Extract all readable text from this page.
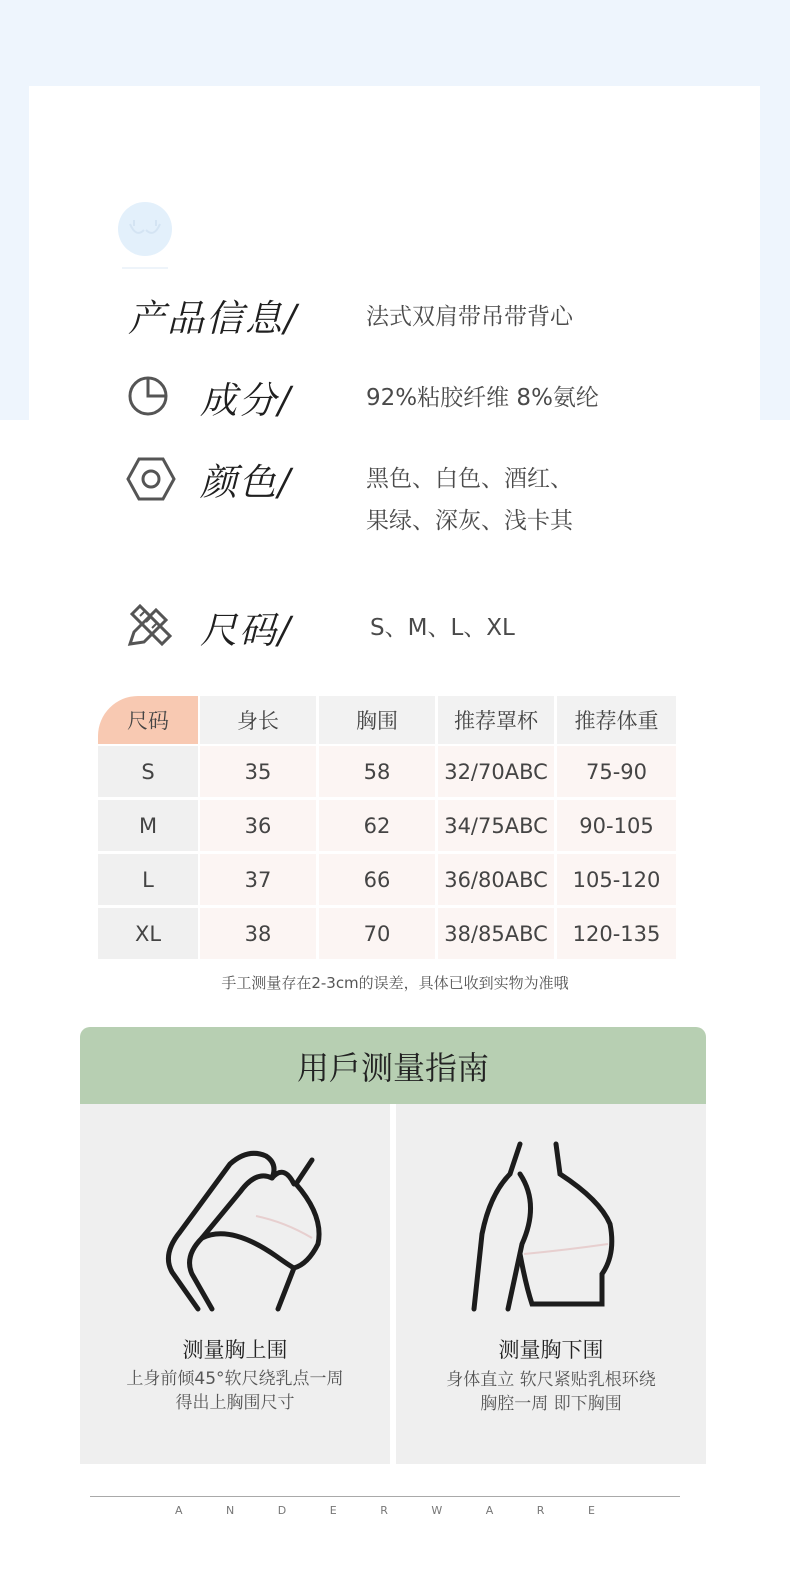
产品信息/	法式双肩带吊带背心
成分/	92%粘胶纤维 8%氨纶
颜色/	黑色、白色、酒红、
果绿、深灰、浅卡其
尺码/	S、M、L、XL
尺码	身长	胸围	推荐罩杯	推荐体重
S	35	58	32/70ABC	75-90
M	36	62	34/75ABC	90-105
L	37	66	36/80ABC	105-120
XL	38	70	38/85ABC	120-135
手工测量存在2-3cm的误差，具体已收到实物为准哦
用戶测量指南
测量胸上围
上身前倾45°软尺绕乳点一周
得出上胸围尺寸
测量胸下围
身体直立 软尺紧贴乳根环绕
胸腔一周 即下胸围
A	N	D	E	R	W	A	R	E
